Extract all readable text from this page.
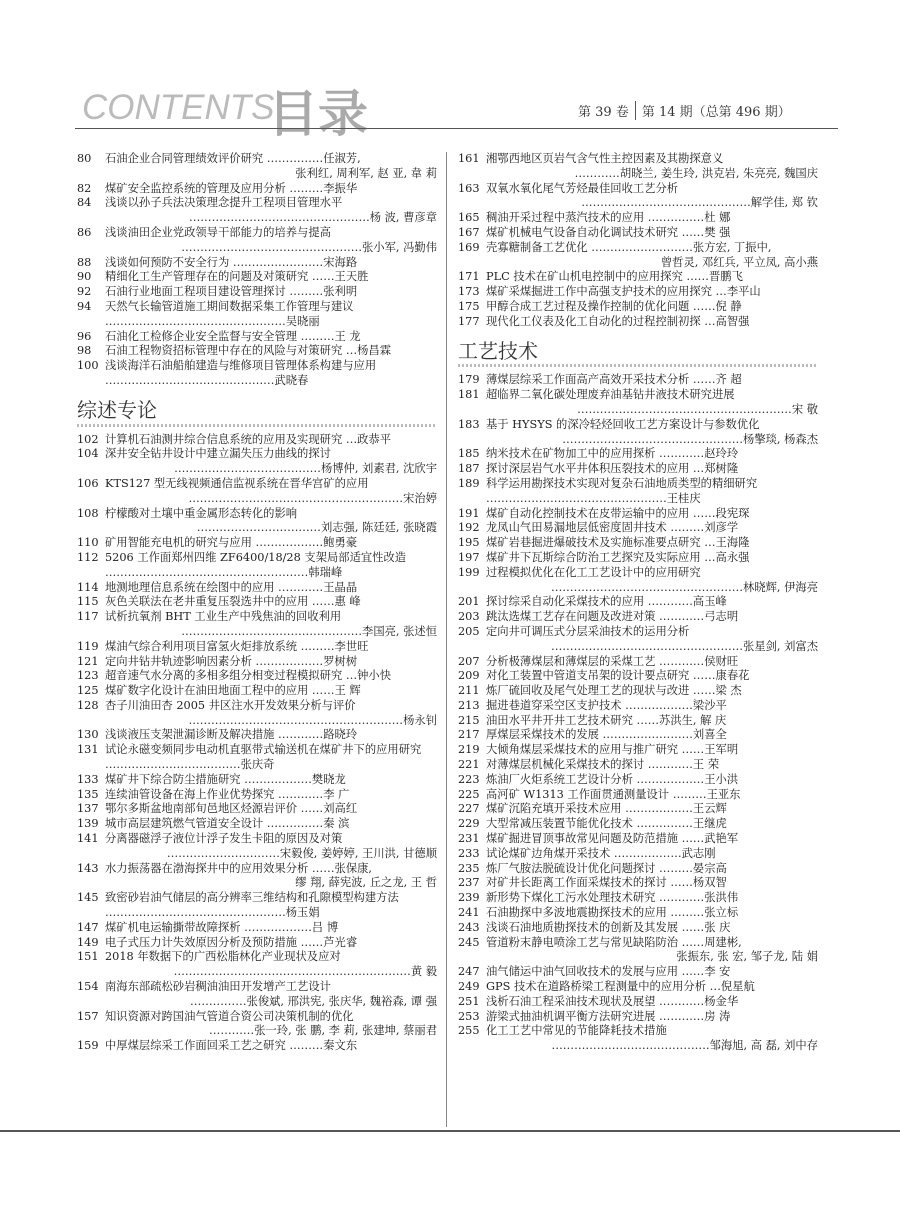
CONTENTS
目录	第 39 卷 第 14 期（总第 496 期）
80	石油企业合同管理绩效评价研究 ……………任淑芳,
张利红, 周利军, 赵 亚, 韋 莉
82	煤矿安全监控系统的管理及应用分析 ………李振华
84	浅谈以孙子兵法决策理念提升工程项目管理水平
…………………………………………杨 波, 曹彦章
86	浅谈油田企业党政领导干部能力的培养与提高
…………………………………………张小军, 冯勤伟
88	浅谈如何预防不安全行为 ……………………宋海路
90	精细化工生产管理存在的问题及对策研究 ……王天胜
92	石油行业地面工程项目建设管理探讨 ………张利明
94	天然气长输管道施工期间数据采集工作管理与建议 …………………………………………吴晓丽
96	石油化工检修企业安全监督与安全管理 ………王 龙
98	石油工程物资招标管理中存在的风险与对策研究 …杨昌霖
100 浅谈海洋石油船舶建造与维修项目管理体系构建与应用 ………………………………………武晓春
综述专论
102 计算机石油测井综合信息系统的应用及实现研究 …政恭平
104 深井安全钻井设计中建立漏失压力曲线的探讨
…………………………………杨博仲, 刘素君, 沈欣宇
106 KTS127 型无线视频通信监视系统在晋华宫矿的应用
…………………………………………………宋治婷
108 柠檬酸对土壤中重金属形态转化的影响
……………………………刘志强, 陈廷廷, 张晓霞
110 矿用智能充电机的研究与应用 ………………鲍勇豪
112 5206 工作面郑州四维 ZF6400/18/28 支架局部适宜性改造 ………………………………………………韩瑞峰
114 地测地理信息系统在绘图中的应用 …………王晶晶
115 灰色关联法在老井重复压裂选井中的应用 ……惠 峰
117 试析抗氧剂 BHT 工业生产中残焦油的回收利用
…………………………………………李国亮, 张述恒
119 煤油气综合利用项目富氢火炬排放系统 ………李世旺
121 定向井钻井轨迹影响因素分析 ………………罗树树
123 超音速气水分离的多相多组分相变过程模拟研究 …钟小快
125 煤矿数字化设计在油田地面工程中的应用 ……王 辉
128 杏子川油田杏 2005 井区注水开发效果分析与评价
…………………………………………………杨永钊
130 浅谈液压支架泄漏诊断及解决措施 …………路晓玲
131 试论永磁变频同步电动机直驱带式输送机在煤矿井下的应用研究 ………………………………张庆奇
133 煤矿井下综合防尘措施研究 ………………樊晓龙
135 连续油管设备在海上作业优势探究 …………李 广
137 鄂尔多斯盆地南部旬邑地区烃源岩评价 ……刘高红
139 城市高层建筑燃气管道安全设计 ……………秦 滨
141 分离器磁浮子液位计浮子发生卡阻的原因及对策
…………………………宋毅俊, 姜婷婷, 王川洪, 甘德顺
143 水力振荡器在渤海探井中的应用效果分析 ……张保康,
缪 翔, 薛宪波, 丘之龙, 王 哲
145 致密砂岩油气储层的高分辨率三维结构和孔隙模型构建方法 …………………………………………杨玉娟
147 煤矿机电运输撕带故障探析 ………………吕 博
149 电子式压力计失效原因分析及预防措施 ……芦光睿
151 2018 年数据下的广西松脂林化产业现状及应对
………………………………………………………黄 毅
154 南海东部疏松砂岩稠油油田开发增产工艺设计
……………张俊斌, 邢洪宪, 张庆华, 魏裕森, 谭 强
157 知识资源对跨国油气管道合资公司决策机制的优化
…………张一玲, 张 鹏, 李 莉, 张建坤, 蔡丽君
159 中厚煤层综采工作面回采工艺之研究 ………秦文东
161 湘鄂西地区页岩气含气性主控因素及其勘探意义
…………胡晓兰, 姜生玲, 洪克岩, 朱亮亮, 魏国庆
163 双氧水氧化尾气芳烃最佳回收工艺分析
………………………………………解学佳, 郑 钦
165 稠油开采过程中蒸汽技术的应用 ……………杜 娜
167 煤矿机械电气设备自动化调试技术研究 ……樊 强
169 壳寡糖制备工艺优化 ………………………张方宏, 丁振中,
曾哲灵, 邓红兵, 平立凤, 高小燕
171 PLC 技术在矿山机电控制中的应用探究 ……晋鹏飞
173 煤矿采煤掘进工作中高强支护技术的应用探究 …李平山
175 甲醇合成工艺过程及操作控制的优化问题 ……倪 静
177 现代化工仪表及化工自动化的过程控制初探 …高智强
工艺技术
179 薄煤层综采工作面高产高效开采技术分析 ……齐 超
181 超临界二氧化碳处理废弃油基钻井液技术研究进展
…………………………………………………宋 敬
183 基于 HYSYS 的深冷轻烃回收工艺方案设计与参数优化
…………………………………………杨擎琰, 杨森杰
185 纳米技术在矿物加工中的应用探析 …………赵玲玲
187 探讨深层岩气水平井体积压裂技术的应用 …郑树隆
189 科学运用勘探技术实现对复杂石油地质类型的精细研究 …………………………………………王桂庆
191 煤矿自动化控制技术在皮带运输中的应用 ……段宪琛
192 龙凤山气田易漏地层低密度固井技术 ………刘彦学
195 煤矿岩巷掘进爆破技术及实施标准要点研究 …王海隆
197 煤矿井下瓦斯综合防治工艺探究及实际应用 …高永强
199 过程模拟优化在化工工艺设计中的应用研究
……………………………………………林晓辉, 伊海亮
201 探讨综采自动化采煤技术的应用 …………高玉峰
203 跳汰选煤工艺存在问题及改进对策 …………弓志明
205 定向井可调压式分层采油技术的运用分析
……………………………………………张星剑, 刘富杰
207 分析极薄煤层和薄煤层的采煤工艺 …………侯财旺
209 对化工装置中管道支吊架的设计要点研究 ……康春花
211 炼厂硫回收及尾气处理工艺的现状与改进 ……梁 杰
213 掘进巷道穿采空区支护技术 ………………梁沙平
215 油田水平井开井工艺技术研究 ……苏洪生, 解 庆
217 厚煤层采煤技术的发展 ……………………刘喜全
219 大倾角煤层采煤技术的应用与推广研究 ……王军明
221 对薄煤层机械化采煤技术的探讨 …………王 荣
223 炼油厂火炬系统工艺设计分析 ………………王小洪
225 高河矿 W1313 工作面贯通测量设计 ………王亚东
227 煤矿沉陷充填开采技术应用 ………………王云辉
229 大型常减压装置节能优化技术 ……………王继虎
231 煤矿掘进冒顶事故常见问题及防范措施 ……武艳军
233 试论煤矿边角煤开采技术 ………………武志刚
235 炼厂气胺法脱硫设计优化问题探讨 ………晏宗高
237 对矿井长距离工作面采煤技术的探讨 ……杨双智
239 新形势下煤化工污水处理技术研究 …………张洪伟
241 石油勘探中多波地震勘探技术的应用 ………张立标
243 浅谈石油地质勘探技术的创新及其发展 ……张 庆
245 管道粉末静电喷涂工艺与常见缺陷防治 ……周建彬,
张振东, 张 宏, 邹子龙, 陆 娟
247 油气储运中油气回收技术的发展与应用 ……李 安
249 GPS 技术在道路桥梁工程测量中的应用分析 …倪星航
251 浅析石油工程采油技术现状及展望 …………杨金华
253 游梁式抽油机调平衡方法研究进展 …………房 涛
255 化工工艺中常见的节能降耗技术措施
……………………………………邹海旭, 高 磊, 刘中存
